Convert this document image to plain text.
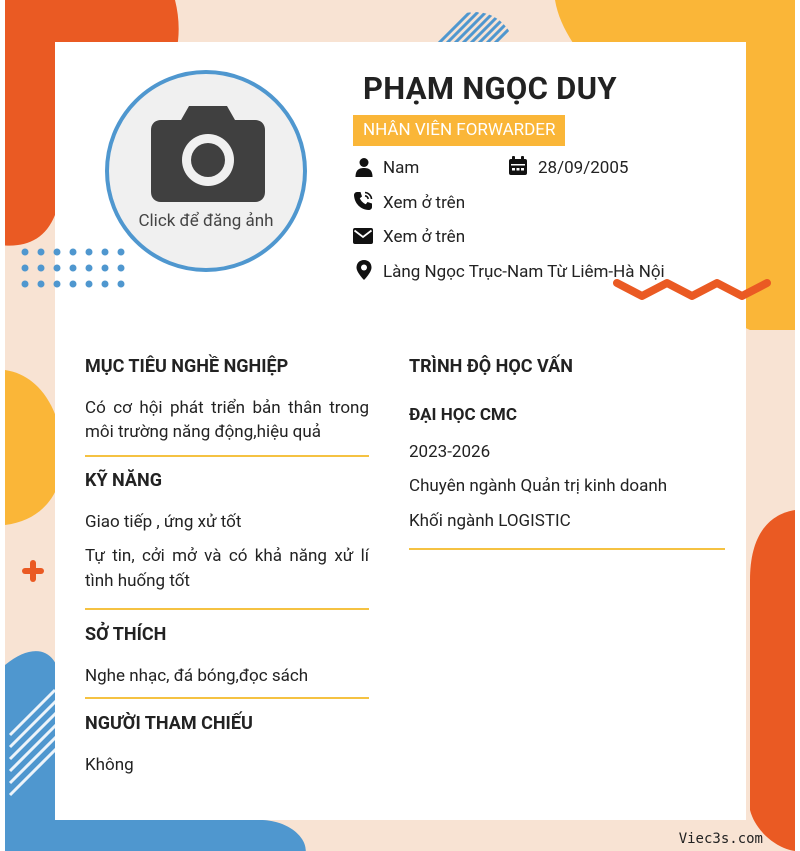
Click để đăng ảnh
PHẠM NGỌC DUY
NHÂN VIÊN FORWARDER
Nam	28/09/2005
Xem ở trên
Xem ở trên
Làng Ngọc Trục-Nam Từ Liêm-Hà Nội
MỤC TIÊU NGHỀ NGHIỆP
Có cơ hội phát triển bản thân trong
môi trường năng động,hiệu quả
KỸ NĂNG
Giao tiếp , ứng xử tốt
Tự tin, cởi mở và có khả năng xử lí
tình huống tốt
SỞ THÍCH
Nghe nhạc, đá bóng,đọc sách
NGƯỜI THAM CHIẾU
Không
TRÌNH ĐỘ HỌC VẤN
ĐẠI HỌC CMC
2023-2026
Chuyên ngành Quản trị kinh doanh
Khối ngành LOGISTIC
Viec3s.com
